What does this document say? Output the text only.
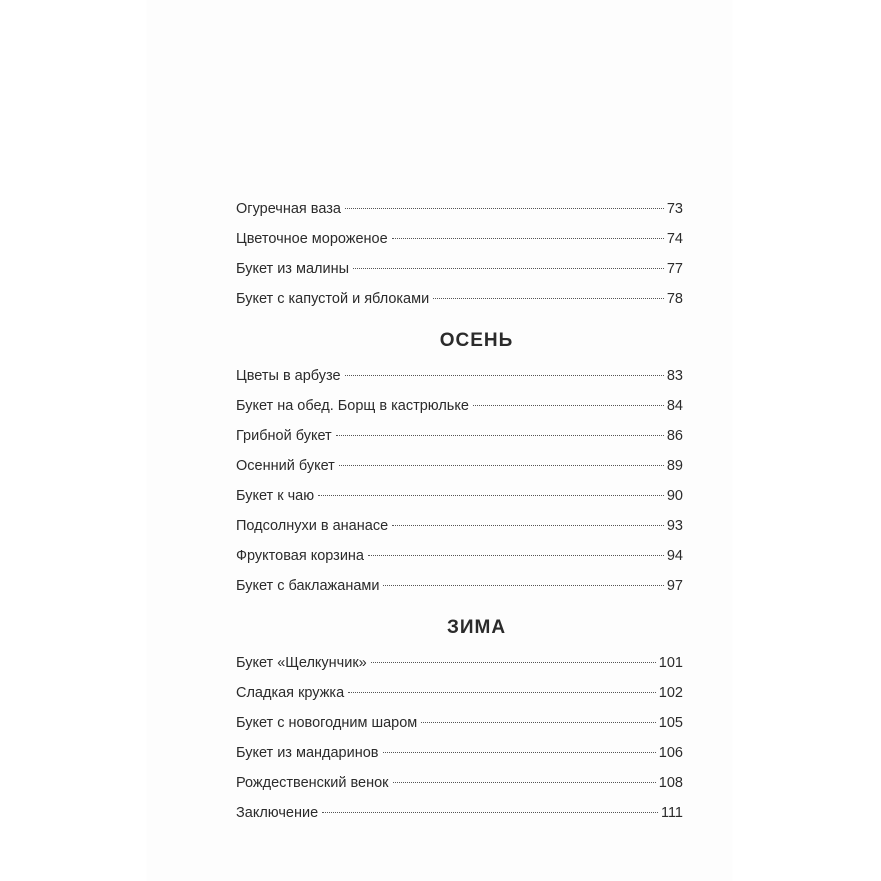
Огуречная ваза	73
Цветочное мороженое	74
Букет из малины	77
Букет с капустой и яблоками	78
ОСЕНЬ
Цветы в арбузе	83
Букет на обед. Борщ в кастрюльке	84
Грибной букет	86
Осенний букет	89
Букет к чаю	90
Подсолнухи в ананасе	93
Фруктовая корзина	94
Букет с баклажанами	97
ЗИМА
Букет «Щелкунчик»	101
Сладкая кружка	102
Букет с новогодним шаром	105
Букет из мандаринов	106
Рождественский венок	108
Заключение	111
